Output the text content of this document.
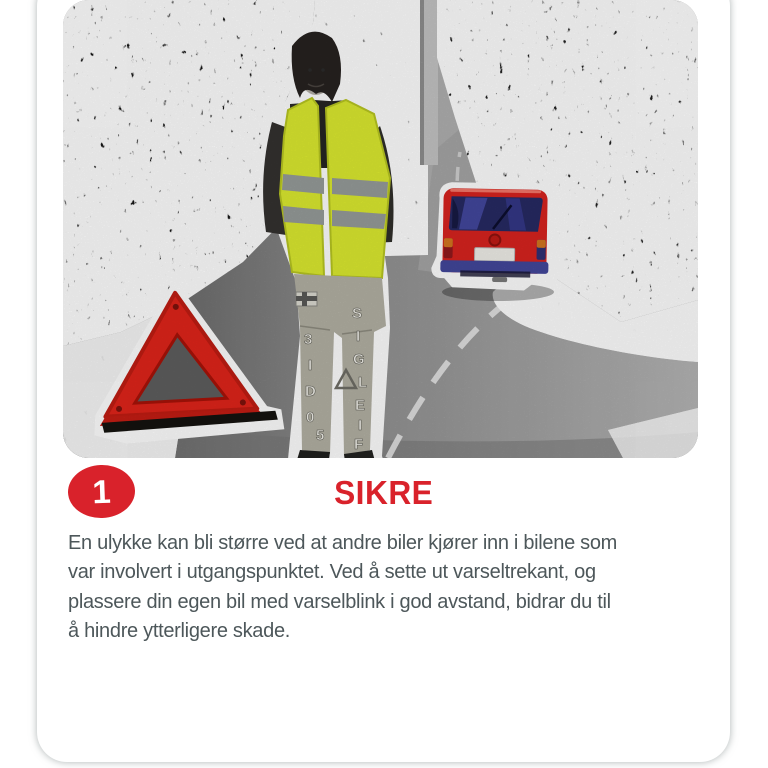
S
I
G
L
E
I
F
3
I
D
0
5
1	SIKRE
En ulykke kan bli større ved at andre biler kjører inn i bilene som
var involvert i utgangspunktet. Ved å sette ut varseltrekant, og
plassere din egen bil med varselblink i god avstand, bidrar du til
å hindre ytterligere skade.
